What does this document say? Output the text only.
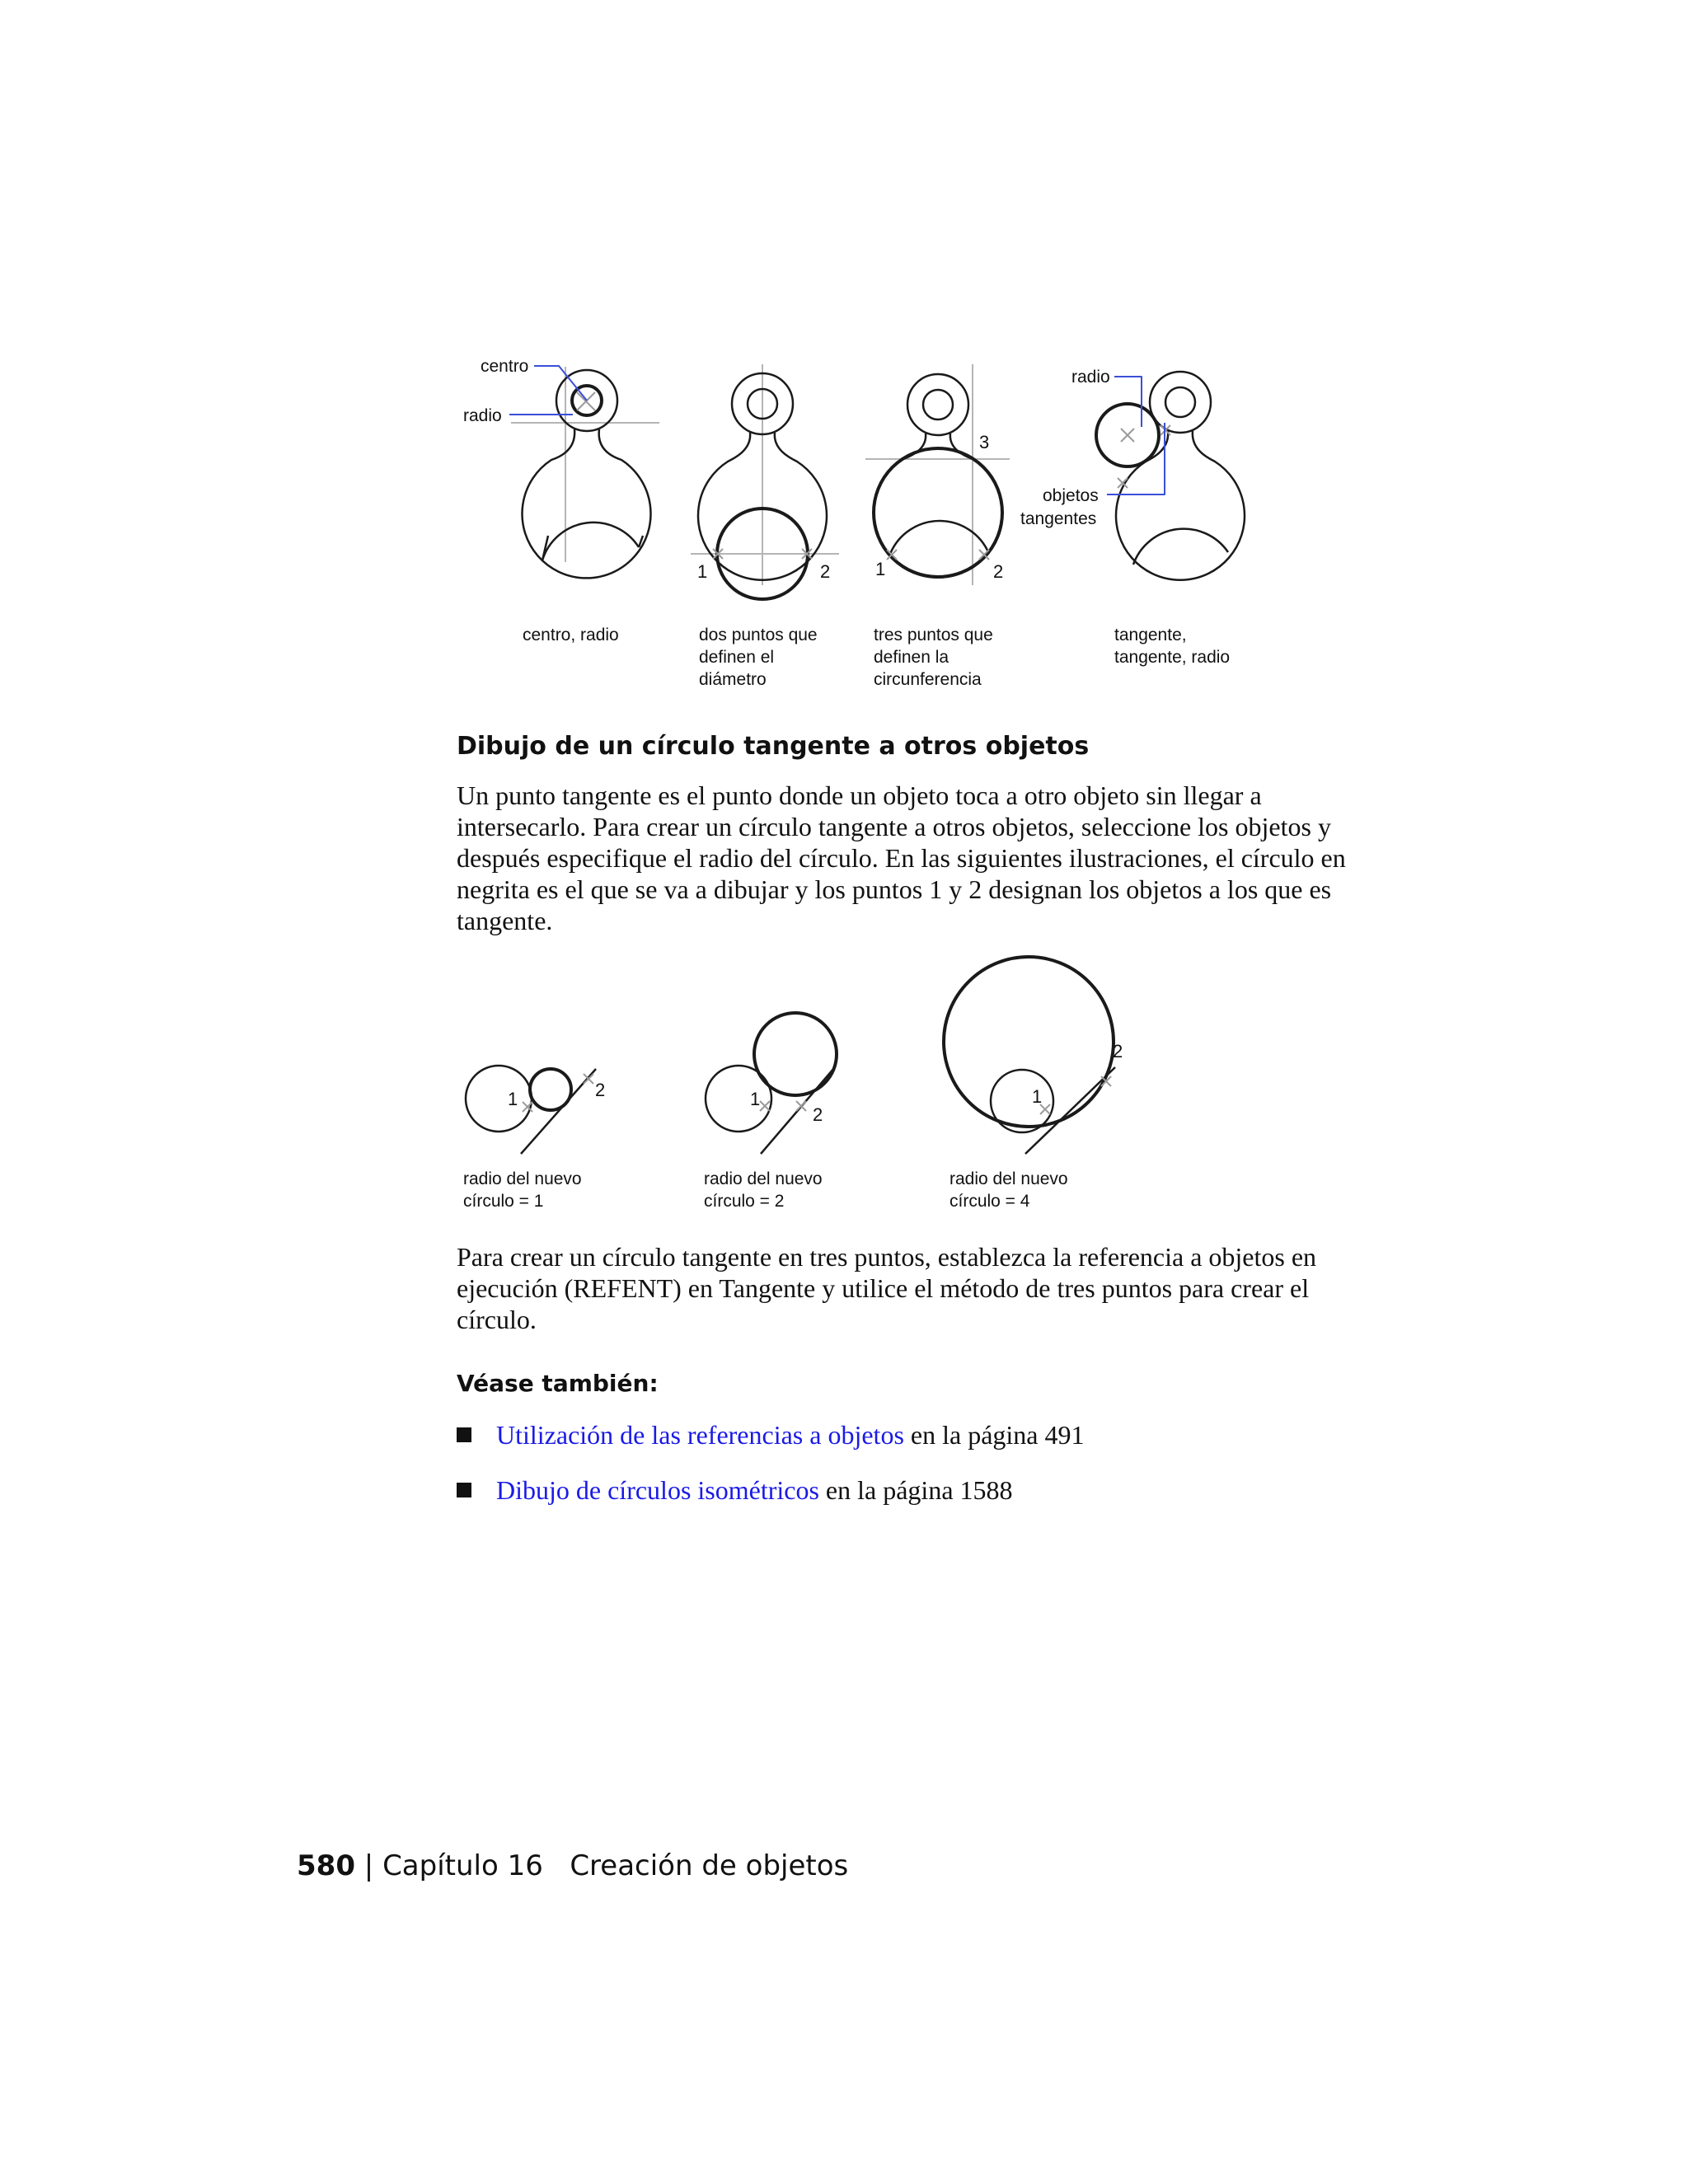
centro
radio
radio
objetos
tangentes
1	2 1	2
3
centro, radio	dos puntos que
definen el
diámetro
tres puntos que
definen la
circunferencia
tangente,
tangente, radio
Dibujo de un círculo tangente a otros objetos

Un punto tangente es el punto donde un objeto toca a otro objeto sin llegar a intersecarlo. Para crear un círculo tangente a otros objetos, seleccione los objetos y después especifique el radio del círculo. En las siguientes ilustraciones, el círculo en negrita es el que se va a dibujar y los puntos 1 y 2 designan los objetos a los que es tangente.

1	2	1
2
1
2
radio del nuevo
círculo = 1
radio del nuevo
círculo = 2
radio del nuevo
círculo = 4

Para crear un círculo tangente en tres puntos, establezca la referencia a objetos en ejecución (REFENT) en Tangente y utilice el método de tres puntos para crear el círculo.

Véase también:
Utilización de las referencias a objetos en la página 491
Dibujo de círculos isométricos en la página 1588

580 | Capítulo 16 Creación de objetos
